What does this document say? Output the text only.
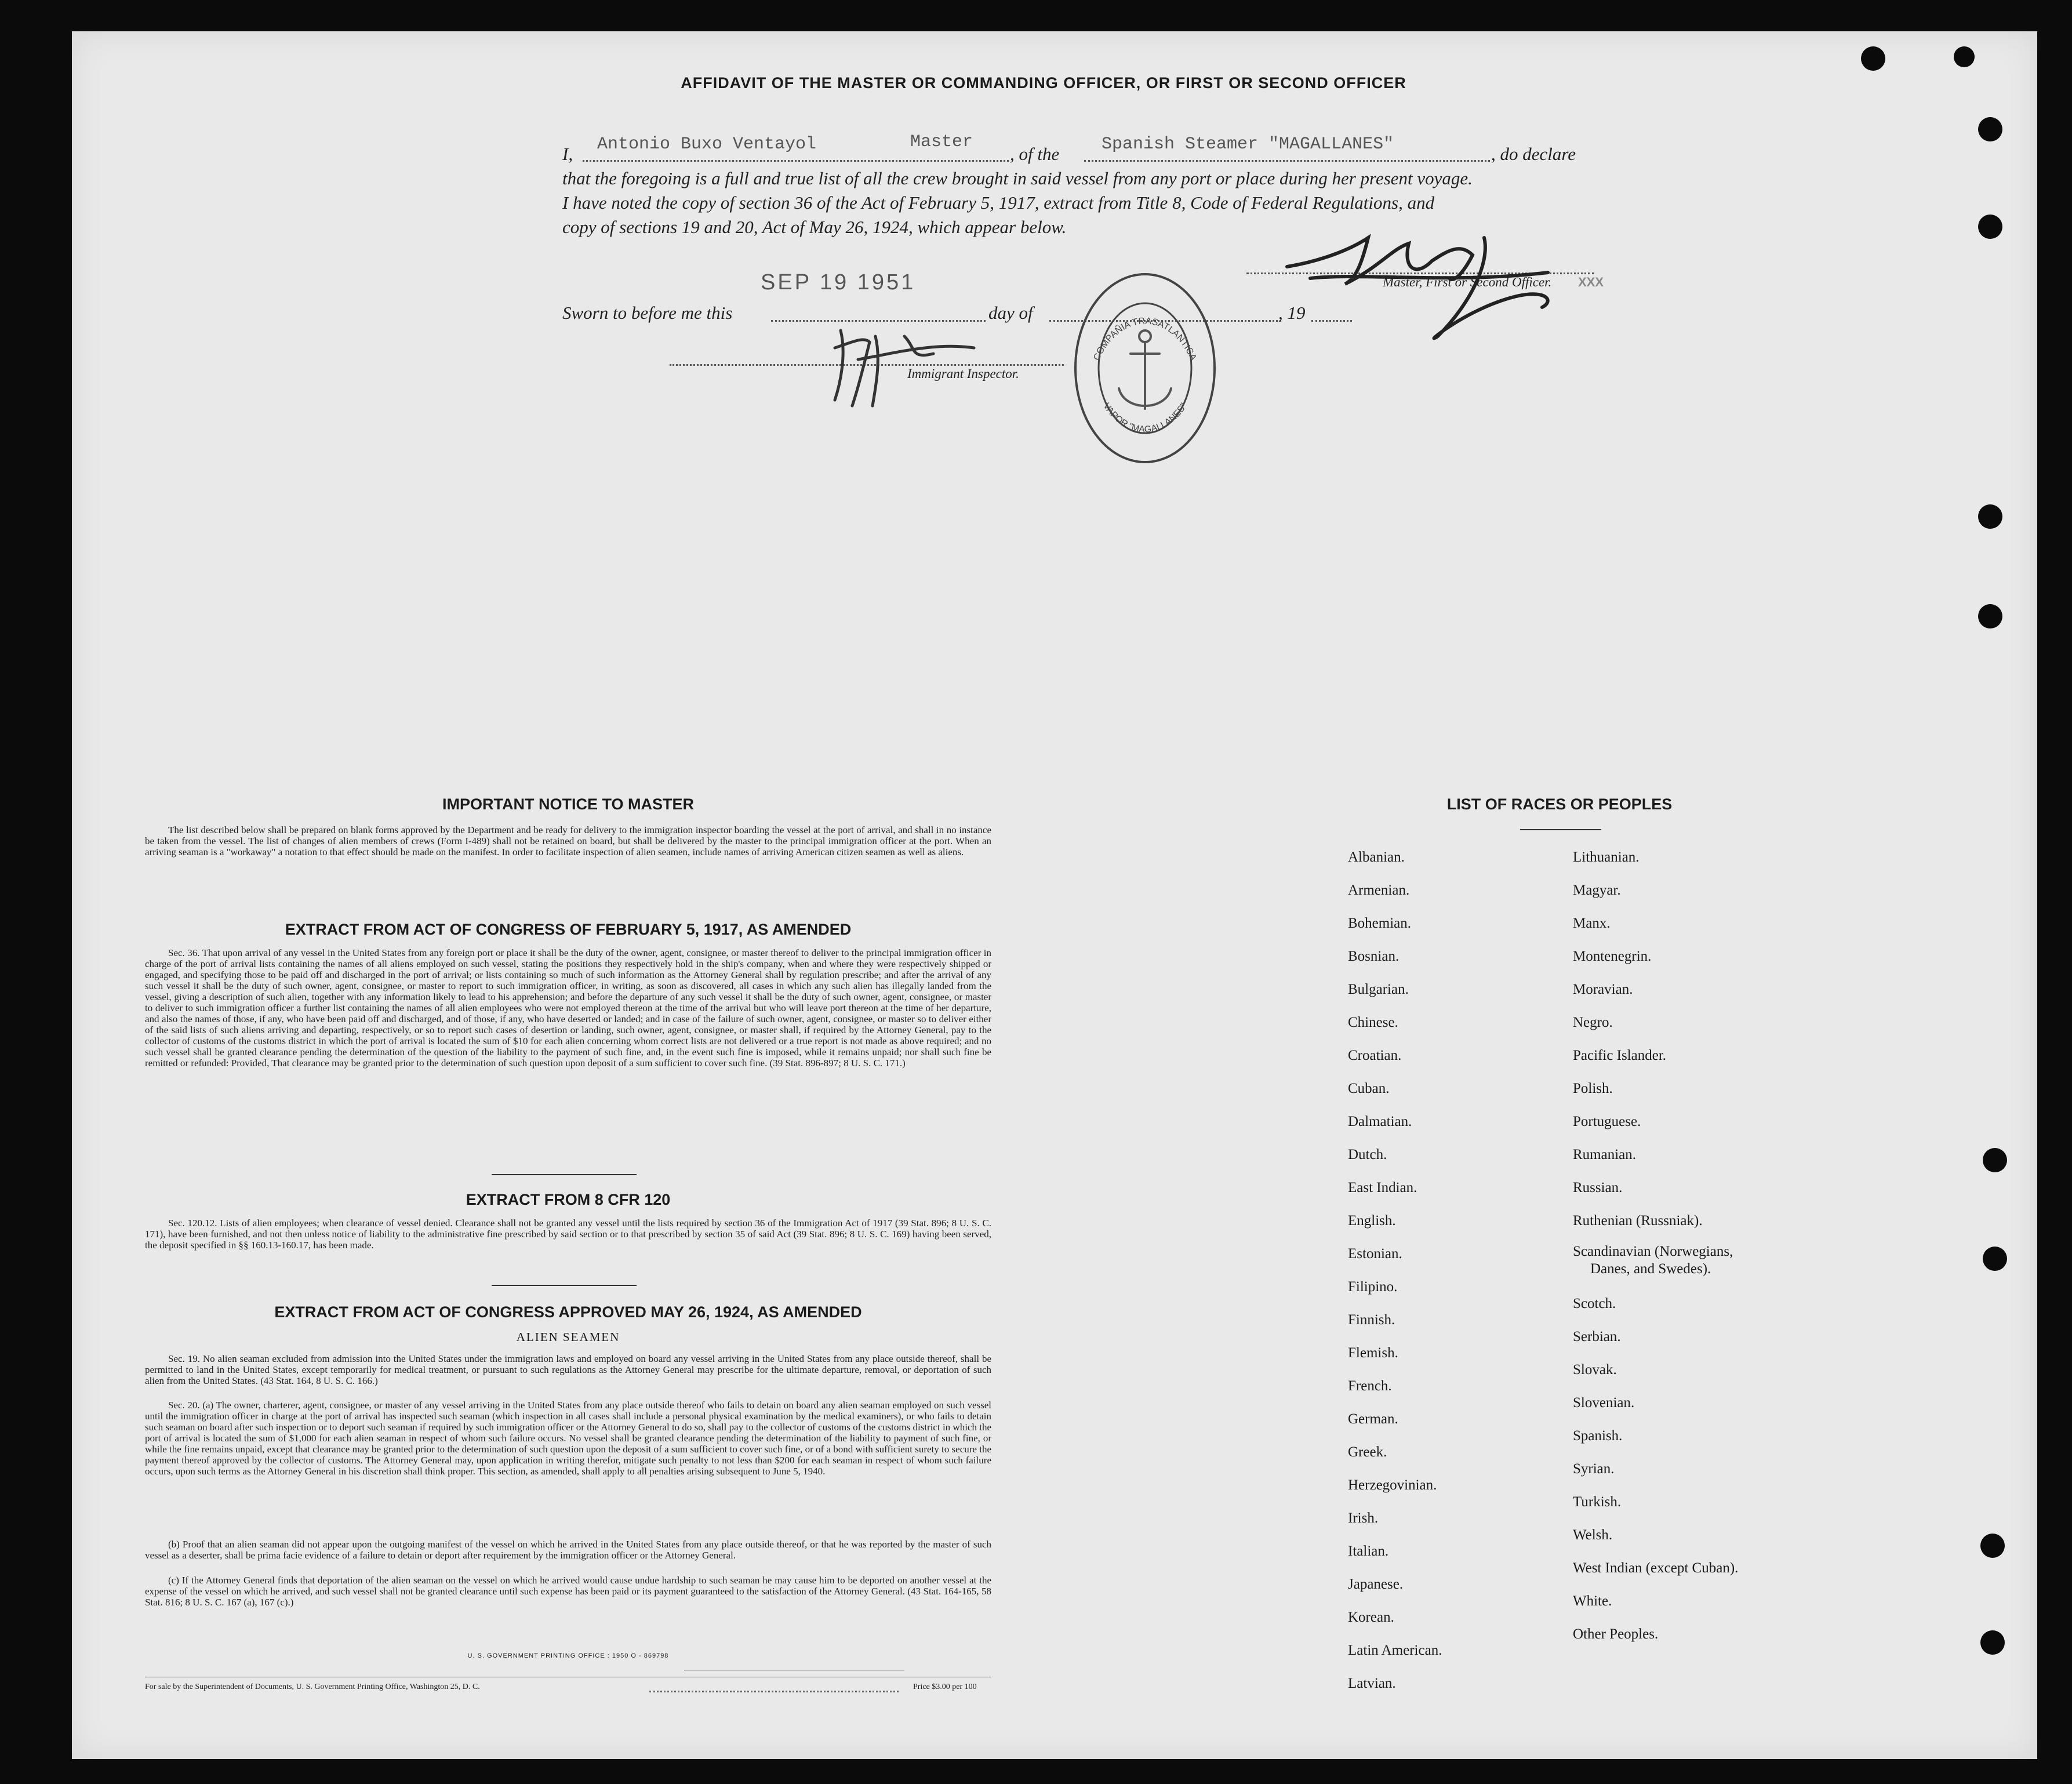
AFFIDAVIT OF THE MASTER OR COMMANDING OFFICER, OR FIRST OR SECOND OFFICER
I, Antonio Buxo Ventayol	Master
, of the Spanish Steamer "MAGALLANES"	, do declare
that the foregoing is a full and true list of all the crew brought in said vessel from any port or place during her present voyage.
I have noted the copy of section 36 of the Act of February 5, 1917, extract from Title 8, Code of Federal Regulations, and
copy of sections 19 and 20, Act of May 26, 1924, which appear below.
Master, First or Second Officer. XXX
SEP 19 1951
Sworn to before me this	day of	, 19
Immigrant Inspector.
COMPAÑIA TRASATLANTICA
VAPOR "MAGALLANES"
IMPORTANT NOTICE TO MASTER
The list described below shall be prepared on blank forms approved by the Department and be ready for delivery to the immigration inspector boarding the vessel at the port of arrival, and shall in no instance be taken from the vessel. The list of changes of alien members of crews (Form I-489) shall not be retained on board, but shall be delivered by the master to the principal immigration officer at the port. When an arriving seaman is a "workaway" a notation to that effect should be made on the manifest. In order to facilitate inspection of alien seamen, include names of arriving American citizen seamen as well as aliens.
EXTRACT FROM ACT OF CONGRESS OF FEBRUARY 5, 1917, AS AMENDED
Sec. 36. That upon arrival of any vessel in the United States from any foreign port or place it shall be the duty of the owner, agent, consignee, or master thereof to deliver to the principal immigration officer in charge of the port of arrival lists containing the names of all aliens employed on such vessel, stating the positions they respectively hold in the ship's company, when and where they were respectively shipped or engaged, and specifying those to be paid off and discharged in the port of arrival; or lists containing so much of such information as the Attorney General shall by regulation prescribe; and after the arrival of any such vessel it shall be the duty of such owner, agent, consignee, or master to report to such immigration officer, in writing, as soon as discovered, all cases in which any such alien has illegally landed from the vessel, giving a description of such alien, together with any information likely to lead to his apprehension; and before the departure of any such vessel it shall be the duty of such owner, agent, consignee, or master to deliver to such immigration officer a further list containing the names of all alien employees who were not employed thereon at the time of the arrival but who will leave port thereon at the time of her departure, and also the names of those, if any, who have been paid off and discharged, and of those, if any, who have deserted or landed; and in case of the failure of such owner, agent, consignee, or master so to deliver either of the said lists of such aliens arriving and departing, respectively, or so to report such cases of desertion or landing, such owner, agent, consignee, or master shall, if required by the Attorney General, pay to the collector of customs of the customs district in which the port of arrival is located the sum of $10 for each alien concerning whom correct lists are not delivered or a true report is not made as above required; and no such vessel shall be granted clearance pending the determination of the question of the liability to the payment of such fine, and, in the event such fine is imposed, while it remains unpaid; nor shall such fine be remitted or refunded: Provided, That clearance may be granted prior to the determination of such question upon deposit of a sum sufficient to cover such fine. (39 Stat. 896-897; 8 U. S. C. 171.)
EXTRACT FROM 8 CFR 120
Sec. 120.12. Lists of alien employees; when clearance of vessel denied. Clearance shall not be granted any vessel until the lists required by section 36 of the Immigration Act of 1917 (39 Stat. 896; 8 U. S. C. 171), have been furnished, and not then unless notice of liability to the administrative fine prescribed by said section or to that prescribed by section 35 of said Act (39 Stat. 896; 8 U. S. C. 169) having been served, the deposit specified in §§ 160.13-160.17, has been made.
EXTRACT FROM ACT OF CONGRESS APPROVED MAY 26, 1924, AS AMENDED
ALIEN SEAMEN
Sec. 19. No alien seaman excluded from admission into the United States under the immigration laws and employed on board any vessel arriving in the United States from any place outside thereof, shall be permitted to land in the United States, except temporarily for medical treatment, or pursuant to such regulations as the Attorney General may prescribe for the ultimate departure, removal, or deportation of such alien from the United States. (43 Stat. 164, 8 U. S. C. 166.)
Sec. 20. (a) The owner, charterer, agent, consignee, or master of any vessel arriving in the United States from any place outside thereof who fails to detain on board any alien seaman employed on such vessel until the immigration officer in charge at the port of arrival has inspected such seaman (which inspection in all cases shall include a personal physical examination by the medical examiners), or who fails to detain such seaman on board after such inspection or to deport such seaman if required by such immigration officer or the Attorney General to do so, shall pay to the collector of customs of the customs district in which the port of arrival is located the sum of $1,000 for each alien seaman in respect of whom such failure occurs. No vessel shall be granted clearance pending the determination of the liability to payment of such fine, or while the fine remains unpaid, except that clearance may be granted prior to the determination of such question upon the deposit of a sum sufficient to cover such fine, or of a bond with sufficient surety to secure the payment thereof approved by the collector of customs. The Attorney General may, upon application in writing therefor, mitigate such penalty to not less than $200 for each seaman in respect of whom such failure occurs, upon such terms as the Attorney General in his discretion shall think proper. This section, as amended, shall apply to all penalties arising subsequent to June 5, 1940.
(b) Proof that an alien seaman did not appear upon the outgoing manifest of the vessel on which he arrived in the United States from any place outside thereof, or that he was reported by the master of such vessel as a deserter, shall be prima facie evidence of a failure to detain or deport after requirement by the immigration officer or the Attorney General.
(c) If the Attorney General finds that deportation of the alien seaman on the vessel on which he arrived would cause undue hardship to such seaman he may cause him to be deported on another vessel at the expense of the vessel on which he arrived, and such vessel shall not be granted clearance until such expense has been paid or its payment guaranteed to the satisfaction of the Attorney General. (43 Stat. 164-165, 58 Stat. 816; 8 U. S. C. 167 (a), 167 (c).)
U. S. GOVERNMENT PRINTING OFFICE : 1950 O - 869798
For sale by the Superintendent of Documents, U. S. Government Printing Office, Washington 25, D. C.	Price $3.00 per 100
LIST OF RACES OR PEOPLES
Albanian.
Armenian.
Bohemian.
Bosnian.
Bulgarian.
Chinese.
Croatian.
Cuban.
Dalmatian.
Dutch.
East Indian.
English.
Estonian.
Filipino.
Finnish.
Flemish.
French.
German.
Greek.
Herzegovinian.
Irish.
Italian.
Japanese.
Korean.
Latin American.
Latvian.
Lithuanian.
Magyar.
Manx.
Montenegrin.
Moravian.
Negro.
Pacific Islander.
Polish.
Portuguese.
Rumanian.
Russian.
Ruthenian (Russniak).
Scandinavian (Norwegians,
Danes, and Swedes).
Scotch.
Serbian.
Slovak.
Slovenian.
Spanish.
Syrian.
Turkish.
Welsh.
West Indian (except Cuban).
White.
Other Peoples.
